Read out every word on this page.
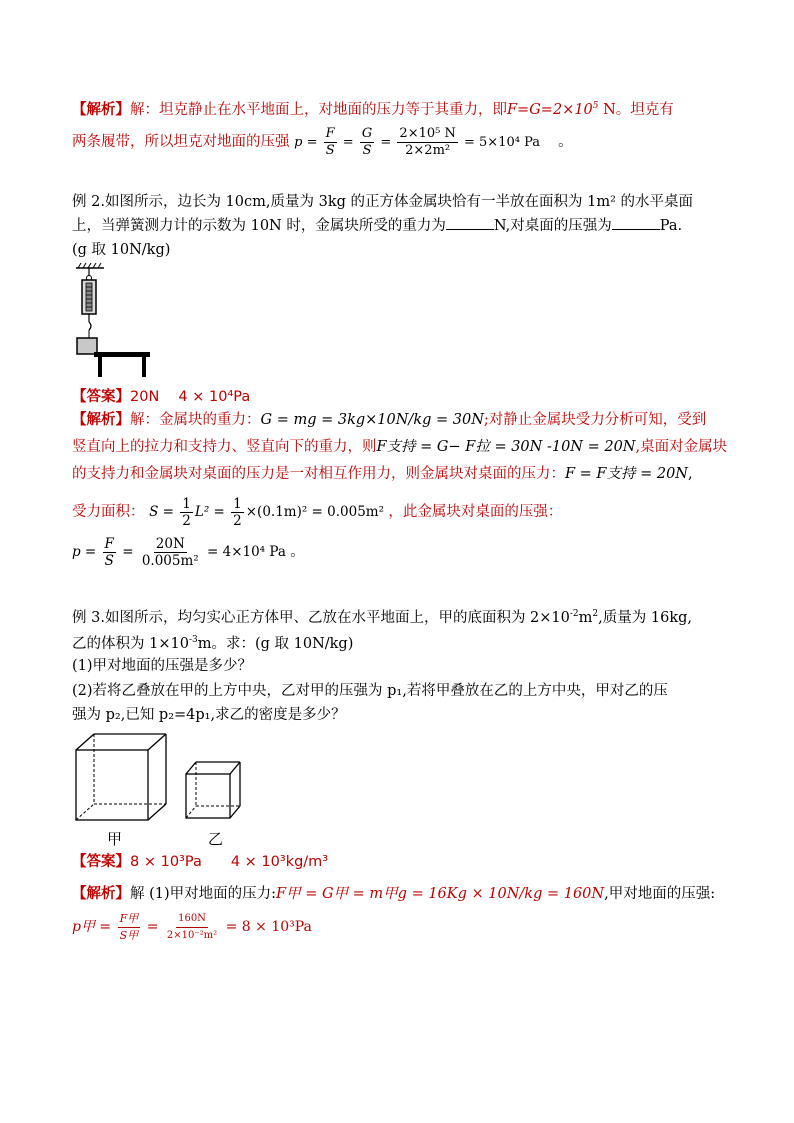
【解析】解：坦克静止在水平地面上，对地面的压力等于其重力，即$F=G=2\times 10^5$ N。坦克有
两条履带，所以坦克对地面的压强 $p = \frac{F}{S} = \frac{G}{S} = \frac{\text{2×10⁵ N}}{\text{2×2m²}} = 5\times 10^4$ Pa 。
例 2.如图所示，边长为 10cm,质量为 3kg 的正方体金属块恰有一半放在面积为 1m² 的水平桌面
上，当弹簧测力计的示数为 10N 时，金属块所受的重力为	N,对桌面的压强为	Pa.
(g 取 10N/kg)
【答案】20N　 4 × 10⁴Pa
【解析】解：金属块的重力：G = mg = 3kg×10N/kg = 30N;对静止金属块受力分析可知，受到
竖直向上的拉力和支持力、竖直向下的重力，则F支持 = G− F拉 = 30N -10N = 20N,桌面对金属块
的支持力和金属块对桌面的压力是一对相互作用力，则金属块对桌面的压力：F = F支持 = 20N,
受力面积： $S = \frac{1}{2} L^2 = \frac{1}{2} \times(0.1m)^2 = 0.005m^2$ ，此金属块对桌面的压强：
$p = \frac{F}{S} = \frac{20N}{\text{0.005m²}} = 4\times 10^4$ Pa 。
例 3.如图所示，均匀实心正方体甲、乙放在水平地面上，甲的底面积为 $2\times 10^{-2}m^2$,质量为 16kg,
乙的体积为 $1\times 10^{-3}m$。求：(g 取 10N/kg)
(1)甲对地面的压强是多少？
(2)若将乙叠放在甲的上方中央，乙对甲的压强为 p₁,若将甲叠放在乙的上方中央，甲对乙的压
强为 p₂,已知 p₂=4p₁,求乙的密度是多少？
甲	乙
【答案】8 × 10³Pa　　4 × 10³kg/m³
【解析】解 (1)甲对地面的压力:F甲 = G甲 = m甲g = 16Kg × 10N/kg = 160N,甲对地面的压强:
p甲 = $\frac{\text{F甲}}{\text{S甲}} = \frac{160N}{\text{2×10⁻²m²}} = 8 \times 10^3Pa$
